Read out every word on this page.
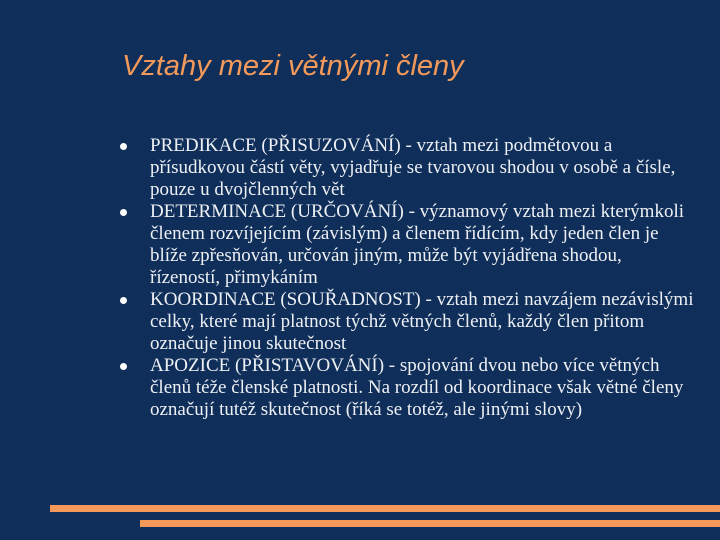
Vztahy mezi větnými členy
PREDIKACE (PŘISUZOVÁNÍ) - vztah mezi podmětovou a přísudkovou částí věty, vyjadřuje se tvarovou shodou v osobě a čísle, pouze u dvojčlenných vět
DETERMINACE (URČOVÁNÍ) - významový vztah mezi kterýmkoli členem rozvíjejícím (závislým) a členem řídícím, kdy jeden člen je blíže zpřesňován, určován jiným, může být vyjádřena shodou, řízeností, přimykáním
KOORDINACE (SOUŘADNOST) - vztah mezi navzájem nezávislými celky, které mají platnost týchž větných členů, každý člen přitom označuje jinou skutečnost
APOZICE (PŘISTAVOVÁNÍ) - spojování dvou nebo více větných členů téže členské platnosti. Na rozdíl od koordinace však větné členy označují tutéž skutečnost (říká se totéž, ale jinými slovy)
